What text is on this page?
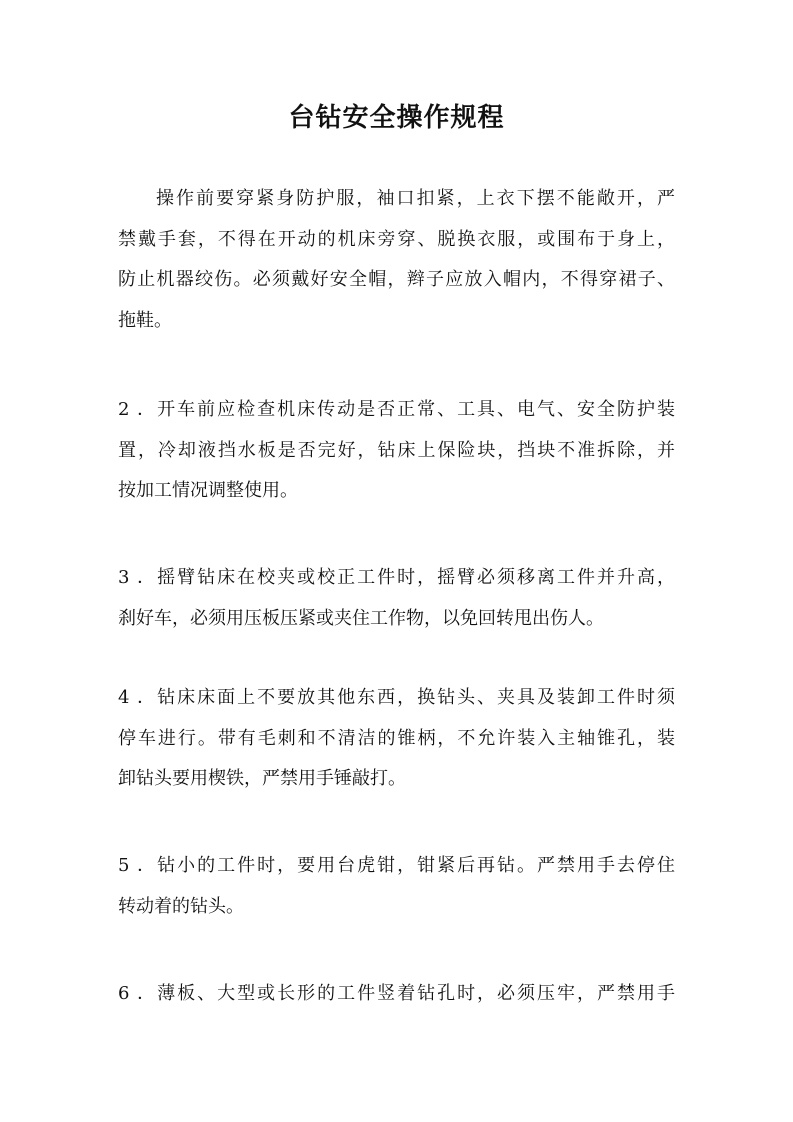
台钻安全操作规程
操作前要穿紧身防护服，袖口扣紧，上衣下摆不能敞开，严
禁戴手套，不得在开动的机床旁穿、脱换衣服，或围布于身上，
防止机器绞伤。必须戴好安全帽，辫子应放入帽内，不得穿裙子、
拖鞋。
2 ．开车前应检查机床传动是否正常、工具、电气、安全防护装
置，冷却液挡水板是否完好，钻床上保险块，挡块不准拆除，并
按加工情况调整使用。
3 ．摇臂钻床在校夹或校正工件时，摇臂必须移离工件并升高，
刹好车，必须用压板压紧或夹住工作物，以免回转甩出伤人。
4 ．钻床床面上不要放其他东西，换钻头、夹具及装卸工件时须
停车进行。带有毛刺和不清洁的锥柄，不允许装入主轴锥孔，装
卸钻头要用楔铁，严禁用手锤敲打。
5 ．钻小的工件时，要用台虎钳，钳紧后再钻。严禁用手去停住
转动着的钻头。
6 ．薄板、大型或长形的工件竖着钻孔时，必须压牢，严禁用手
